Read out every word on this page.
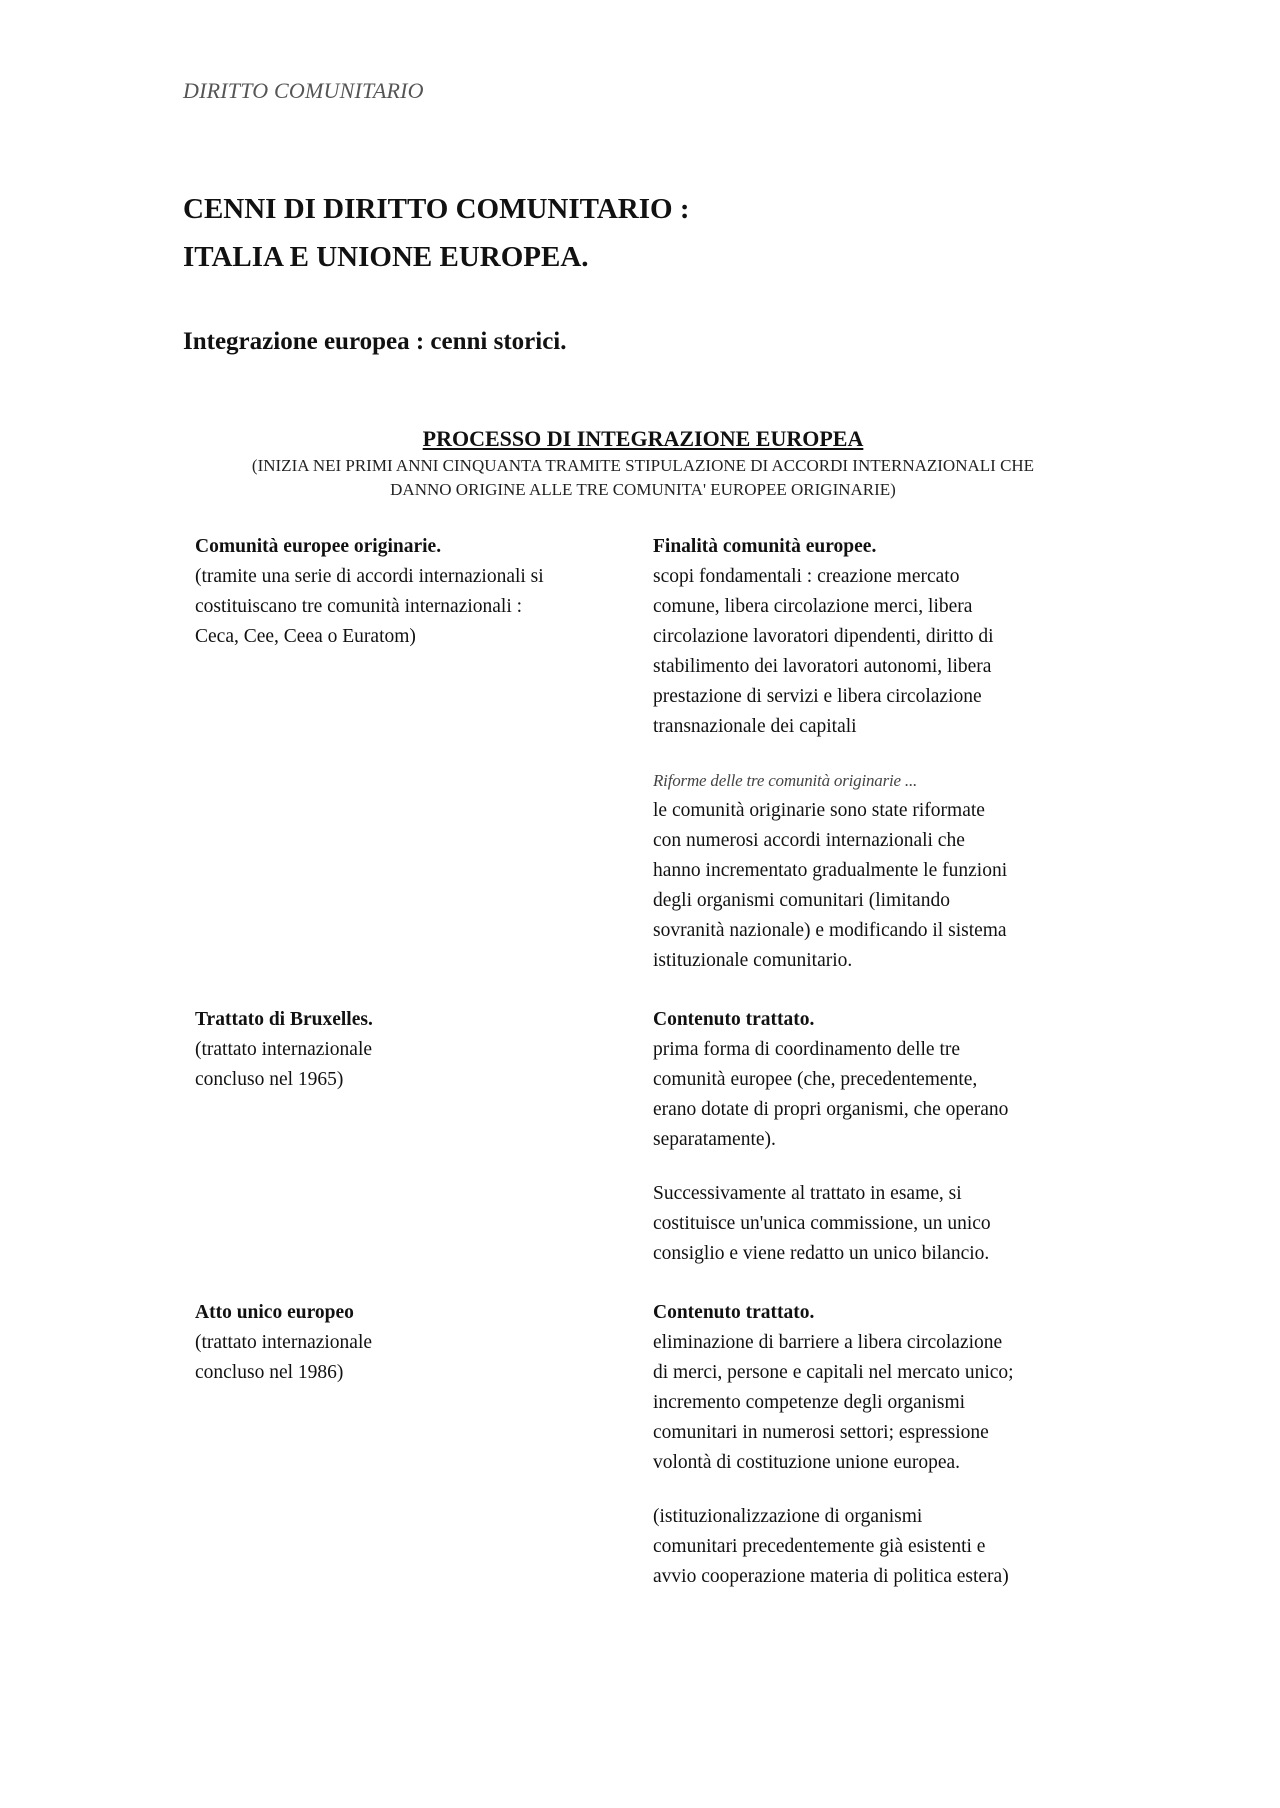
DIRITTO COMUNITARIO
CENNI DI DIRITTO COMUNITARIO :
ITALIA E UNIONE EUROPEA.
Integrazione europea : cenni storici.
PROCESSO DI INTEGRAZIONE EUROPEA
(INIZIA NEI PRIMI ANNI CINQUANTA TRAMITE STIPULAZIONE DI ACCORDI INTERNAZIONALI CHE
DANNO ORIGINE ALLE TRE COMUNITA' EUROPEE ORIGINARIE)
Comunità europee originarie.
(tramite una serie di accordi internazionali si
costituiscano tre comunità internazionali :
Ceca, Cee, Ceea o Euratom)
Finalità comunità europee.
scopi fondamentali : creazione mercato
comune, libera circolazione merci, libera
circolazione lavoratori dipendenti, diritto di
stabilimento dei lavoratori autonomi, libera
prestazione di servizi e libera circolazione
transnazionale dei capitali
Riforme delle tre comunità originarie ...
le comunità originarie sono state riformate
con numerosi accordi internazionali che
hanno incrementato gradualmente le funzioni
degli organismi comunitari (limitando
sovranità nazionale) e modificando il sistema
istituzionale comunitario.
Trattato di Bruxelles.
(trattato internazionale
concluso nel 1965)
Contenuto trattato.
prima forma di coordinamento delle tre
comunità europee (che, precedentemente,
erano dotate di propri organismi, che operano
separatamente).
Successivamente al trattato in esame, si
costituisce un'unica commissione, un unico
consiglio e viene redatto un unico bilancio.
Atto unico europeo
(trattato internazionale
concluso nel 1986)
Contenuto trattato.
eliminazione di barriere a libera circolazione
di merci, persone e capitali nel mercato unico;
incremento competenze degli organismi
comunitari in numerosi settori; espressione
volontà di costituzione unione europea.
(istituzionalizzazione di organismi
comunitari precedentemente già esistenti e
avvio cooperazione materia di politica estera)
